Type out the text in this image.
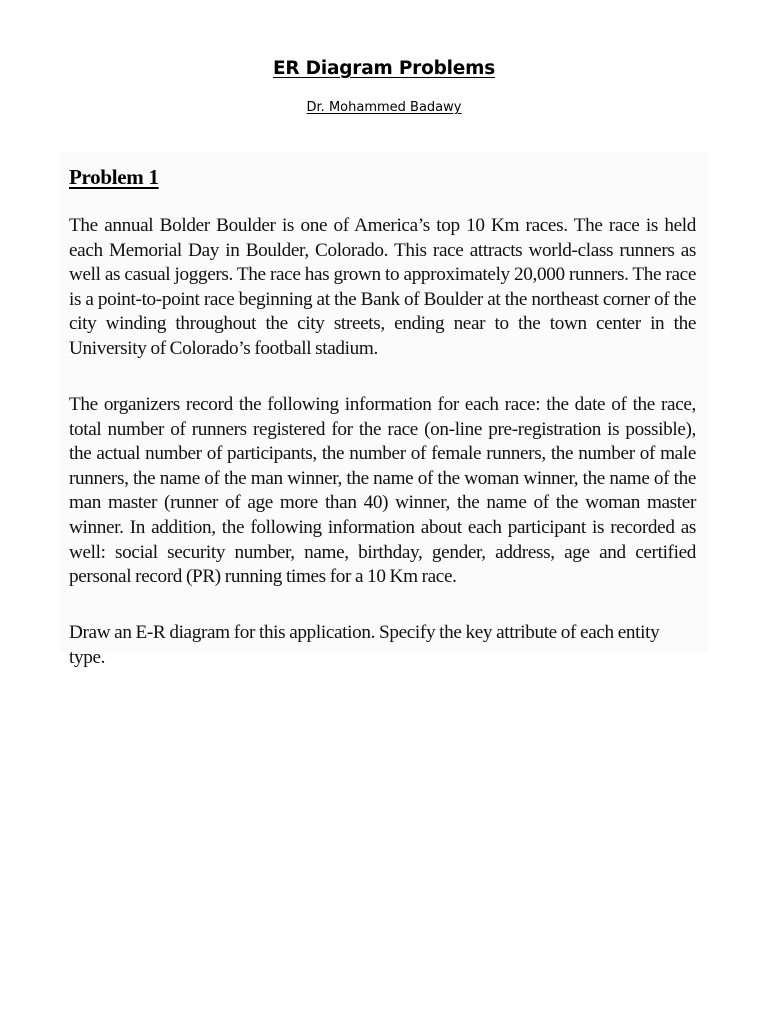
ER Diagram Problems
Dr. Mohammed Badawy
Problem 1

The annual Bolder Boulder is one of America’s top 10 Km races. The race is held each Memorial Day in Boulder, Colorado. This race attracts world-class runners as well as casual joggers. The race has grown to approximately 20,000 runners. The race is a point-to-point race beginning at the Bank of Boulder at the northeast corner of the city winding throughout the city streets, ending near to the town center in the University of Colorado’s football stadium.

The organizers record the following information for each race: the date of the race, total number of runners registered for the race (on-line pre-registration is possible), the actual number of participants, the number of female runners, the number of male runners, the name of the man winner, the name of the woman winner, the name of the man master (runner of age more than 40) winner, the name of the woman master winner. In addition, the following information about each participant is recorded as well: social security number, name, birthday, gender, address, age and certified personal record (PR) running times for a 10 Km race.

Draw an E-R diagram for this application. Specify the key attribute of each entity type.
